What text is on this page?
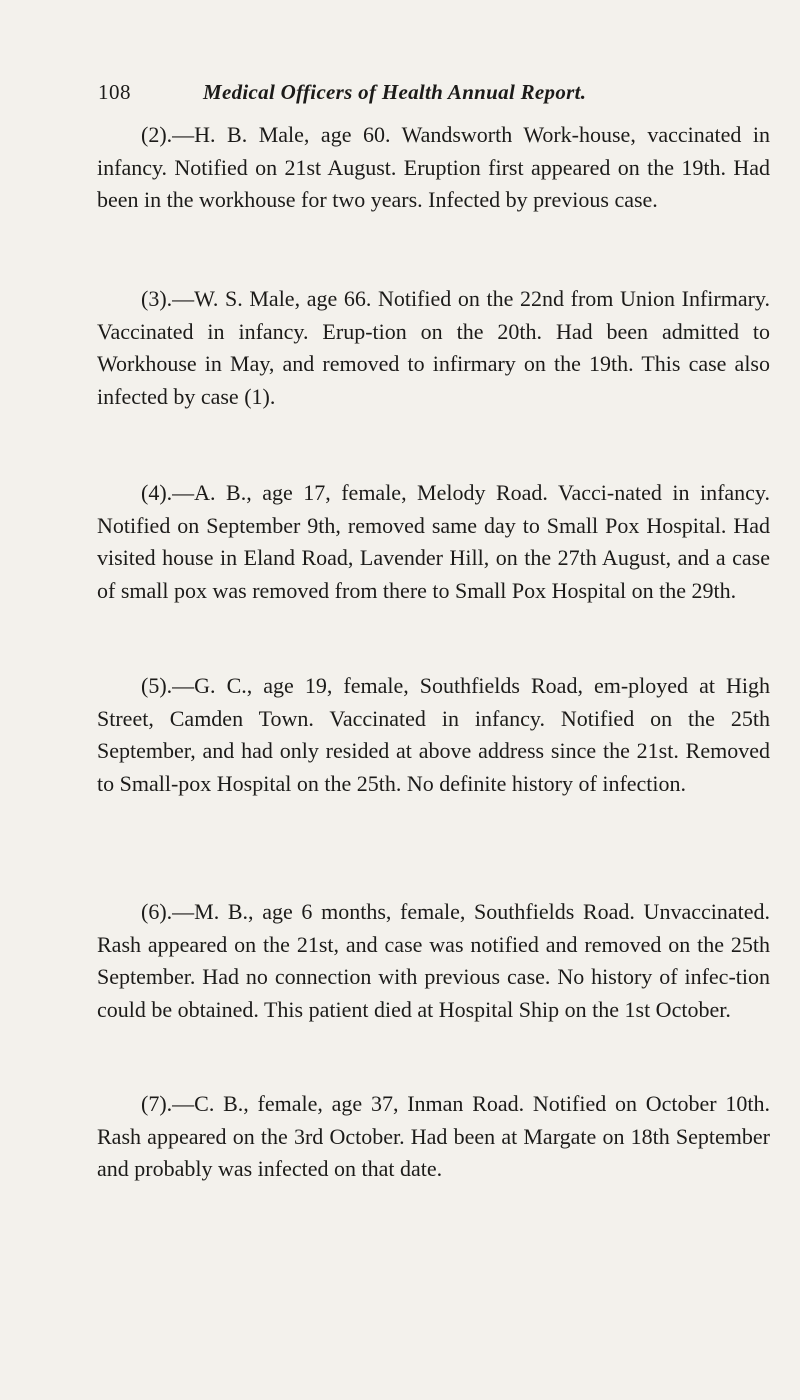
108	Medical Officers of Health Annual Report.

(2).—H. B. Male, age 60. Wandsworth Work-house, vaccinated in infancy. Notified on 21st August. Eruption first appeared on the 19th. Had been in the workhouse for two years. Infected by previous case.

(3).—W. S. Male, age 66. Notified on the 22nd from Union Infirmary. Vaccinated in infancy. Erup-tion on the 20th. Had been admitted to Workhouse in May, and removed to infirmary on the 19th. This case also infected by case (1).

(4).—A. B., age 17, female, Melody Road. Vacci-nated in infancy. Notified on September 9th, removed same day to Small Pox Hospital. Had visited house in Eland Road, Lavender Hill, on the 27th August, and a case of small pox was removed from there to Small Pox Hospital on the 29th.

(5).—G. C., age 19, female, Southfields Road, em-ployed at High Street, Camden Town. Vaccinated in infancy. Notified on the 25th September, and had only resided at above address since the 21st. Removed to Small-pox Hospital on the 25th. No definite history of infection.

(6).—M. B., age 6 months, female, Southfields Road. Unvaccinated. Rash appeared on the 21st, and case was notified and removed on the 25th September. Had no connection with previous case. No history of infec-tion could be obtained. This patient died at Hospital Ship on the 1st October.

(7).—C. B., female, age 37, Inman Road. Notified on October 10th. Rash appeared on the 3rd October. Had been at Margate on 18th September and probably was infected on that date.
